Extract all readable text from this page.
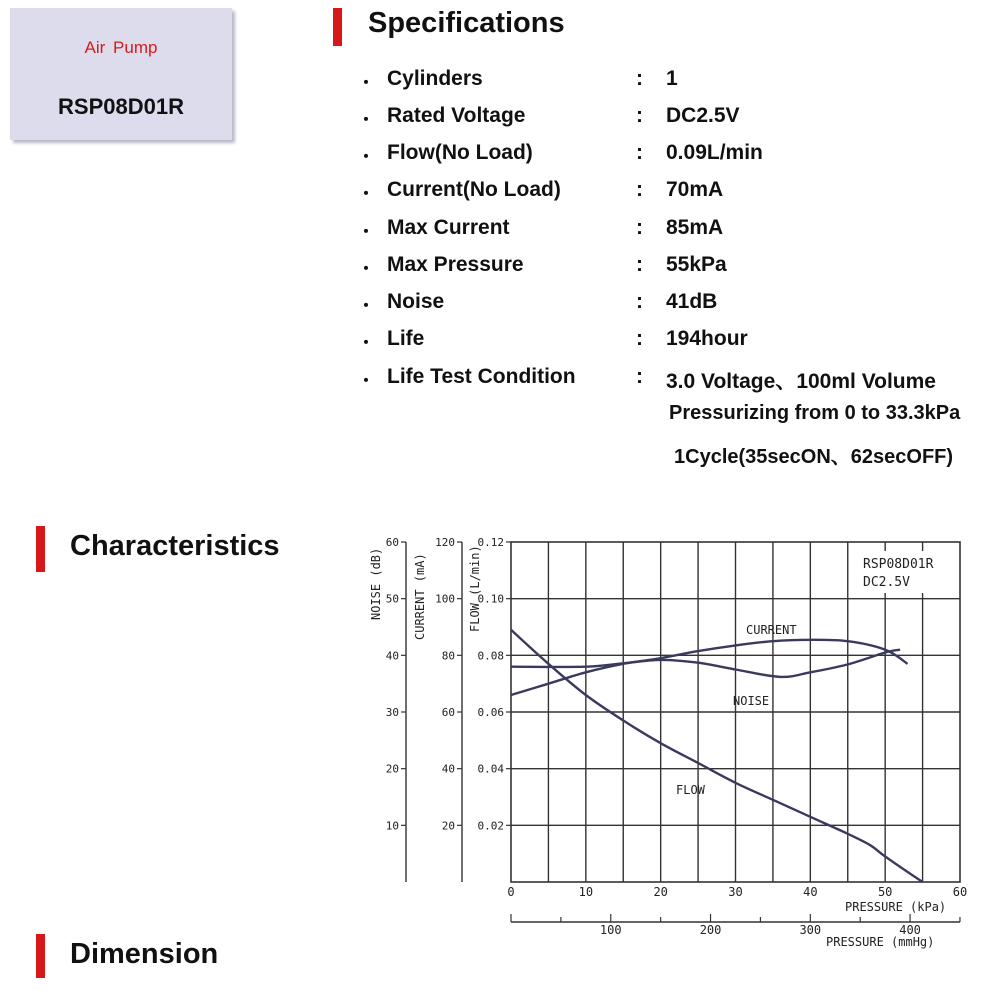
Air Pump
RSP08D01R
Specifications
Characteristics
Dimension
・ Cylinders	: 1
・ Rated Voltage	: DC2.5V
・ Flow(No Load)	: 0.09L/min
・ Current(No Load)	: 70mA
・ Max Current	: 85mA
・ Max Pressure	: 55kPa
・ Noise	: 41dB
・ Life	: 194hour
・ Life Test Condition	: 3.0 Voltage、100ml Volume
Pressurizing from 0 to 33.3kPa
1Cycle(35secON、62secOFF)
10
20
30
40
50
60
20
40
60
80
100
120
0.02
0.04
0.06
0.08
0.10
0.12
0	10	20	30	40	50	60
100	200	300	400
RSP08D01R
DC2.5V
CURRENT
NOISE
FLOW
PRESSURE (kPa)
PRESSURE (mmHg)
NOISE (dB)	CURRENT (mA)	FLOW (L/min)
